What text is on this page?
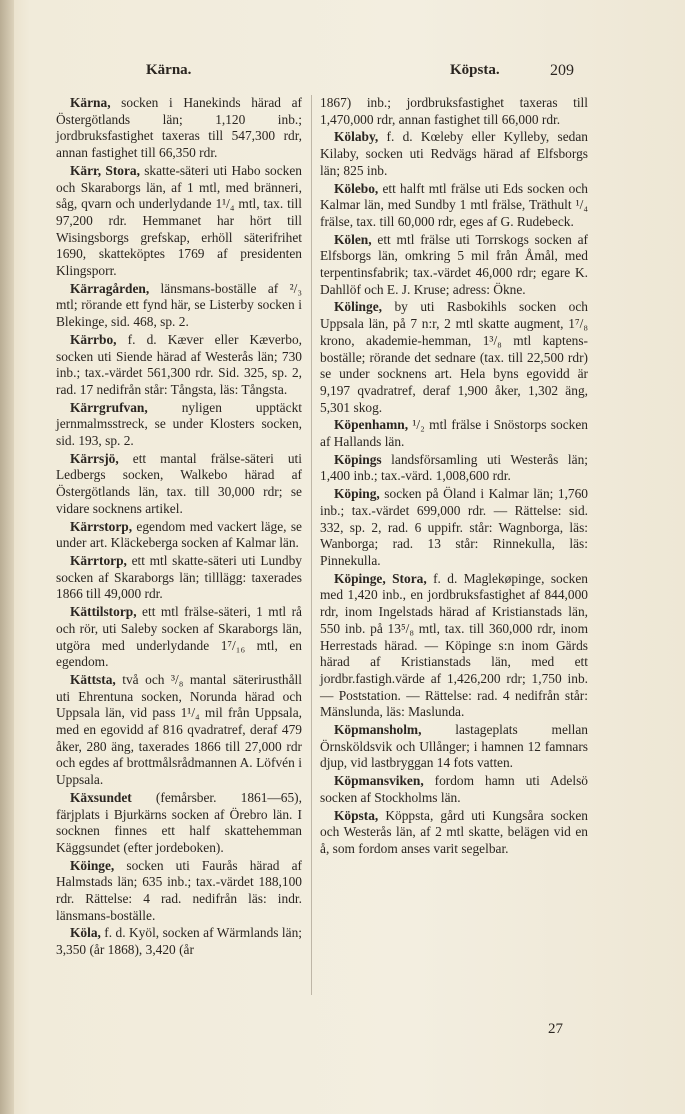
Kärna.	Köpsta.	209

Kärna, socken i Hanekinds härad af Östergötlands län; 1,120 inb.; jordbruksfastighet taxeras till 547,300 rdr, annan fastighet till 66,350 rdr.

Kärr, Stora, skatte-säteri uti Habo socken och Skaraborgs län, af 1 mtl, med bränneri, såg, qvarn och underlydande 1¹/₄ mtl, tax. till 97,200 rdr. Hemmanet har hört till Wisingsborgs grefskap, erhöll säterifrihet 1690, skatteköptes 1769 af presidenten Klingsporr.

Kärragården, länsmans-boställe af ²/₃ mtl; rörande ett fynd här, se Listerby socken i Blekinge, sid. 468, sp. 2.

Kärrbo, f. d. Kæver eller Kæverbo, socken uti Siende härad af Westerås län; 730 inb.; tax.-värdet 561,300 rdr. Sid. 325, sp. 2, rad. 17 nedifrån står: Tångsta, läs: Tångsta.

Kärrgrufvan, nyligen upptäckt jernmalmsstreck, se under Klosters socken, sid. 193, sp. 2.

Kärrsjö, ett mantal frälse-säteri uti Ledbergs socken, Walkebo härad af Östergötlands län, tax. till 30,000 rdr; se vidare socknens artikel.

Kärrstorp, egendom med vackert läge, se under art. Kläckeberga socken af Kalmar län.

Kärrtorp, ett mtl skatte-säteri uti Lundby socken af Skaraborgs län; tilllägg: taxerades 1866 till 49,000 rdr.

Kättilstorp, ett mtl frälse-säteri, 1 mtl rå och rör, uti Saleby socken af Skaraborgs län, utgöra med underlydande 1⁷/₁₆ mtl, en egendom.

Kättsta, två och ³/₈ mantal säterirusthåll uti Ehrentuna socken, Norunda härad och Uppsala län, vid pass 1¹/₄ mil från Uppsala, med en egovidd af 816 qvadratref, deraf 479 åker, 280 äng, taxerades 1866 till 27,000 rdr och egdes af brottmålsrådmannen A. Löfvén i Uppsala.

Käxsundet (femårsber. 1861—65), färjplats i Bjurkärns socken af Örebro län. I socknen finnes ett half skattehemman Käggsundet (efter jordeboken).

Köinge, socken uti Faurås härad af Halmstads län; 635 inb.; tax.-värdet 188,100 rdr. Rättelse: 4 rad. nedifrån läs: indr. länsmans-boställe.

Köla, f. d. Kyöl, socken af Wärmlands län; 3,350 (år 1868), 3,420 (år

1867) inb.; jordbruksfastighet taxeras till 1,470,000 rdr, annan fastighet till 66,000 rdr.

Kölaby, f. d. Kœleby eller Kylleby, sedan Kilaby, socken uti Redvägs härad af Elfsborgs län; 825 inb.

Kölebo, ett halft mtl frälse uti Eds socken och Kalmar län, med Sundby 1 mtl frälse, Träthult ¹/₄ frälse, tax. till 60,000 rdr, eges af G. Rudebeck.

Kölen, ett mtl frälse uti Torrskogs socken af Elfsborgs län, omkring 5 mil från Åmål, med terpentinsfabrik; tax.-värdet 46,000 rdr; egare K. Dahllöf och E. J. Kruse; adress: Ökne.

Kölinge, by uti Rasbokihls socken och Uppsala län, på 7 n:r, 2 mtl skatte augment, 1⁷/₈ krono, akademie-hemman, 1³/₈ mtl kaptens-boställe; rörande det sednare (tax. till 22,500 rdr) se under socknens art. Hela byns egovidd är 9,197 qvadratref, deraf 1,900 åker, 1,302 äng, 5,301 skog.

Köpenhamn, ¹/₂ mtl frälse i Snöstorps socken af Hallands län.

Köpings landsförsamling uti Westerås län; 1,400 inb.; tax.-värd. 1,008,600 rdr.

Köping, socken på Öland i Kalmar län; 1,760 inb.; tax.-värdet 699,000 rdr. — Rättelse: sid. 332, sp. 2, rad. 6 uppifr. står: Wagnborga, läs: Wanborga; rad. 13 står: Rinnekulla, läs: Pinnekulla.

Köpinge, Stora, f. d. Maglekøpinge, socken med 1,420 inb., en jordbruksfastighet af 844,000 rdr, inom Ingelstads härad af Kristianstads län, 550 inb. på 13⁵/₈ mtl, tax. till 360,000 rdr, inom Herrestads härad. — Köpinge s:n inom Gärds härad af Kristianstads län, med ett jordbr.fastigh.värde af 1,426,200 rdr; 1,750 inb. — Poststation. — Rättelse: rad. 4 nedifrån står: Mänslunda, läs: Maslunda.

Köpmansholm, lastageplats mellan Örnsköldsvik och Ullånger; i hamnen 12 famnars djup, vid lastbryggan 14 fots vatten.

Köpmansviken, fordom hamn uti Adelsö socken af Stockholms län.

Köpsta, Köppsta, gård uti Kungsåra socken och Westerås län, af 2 mtl skatte, belägen vid en å, som fordom anses varit segelbar.

27
